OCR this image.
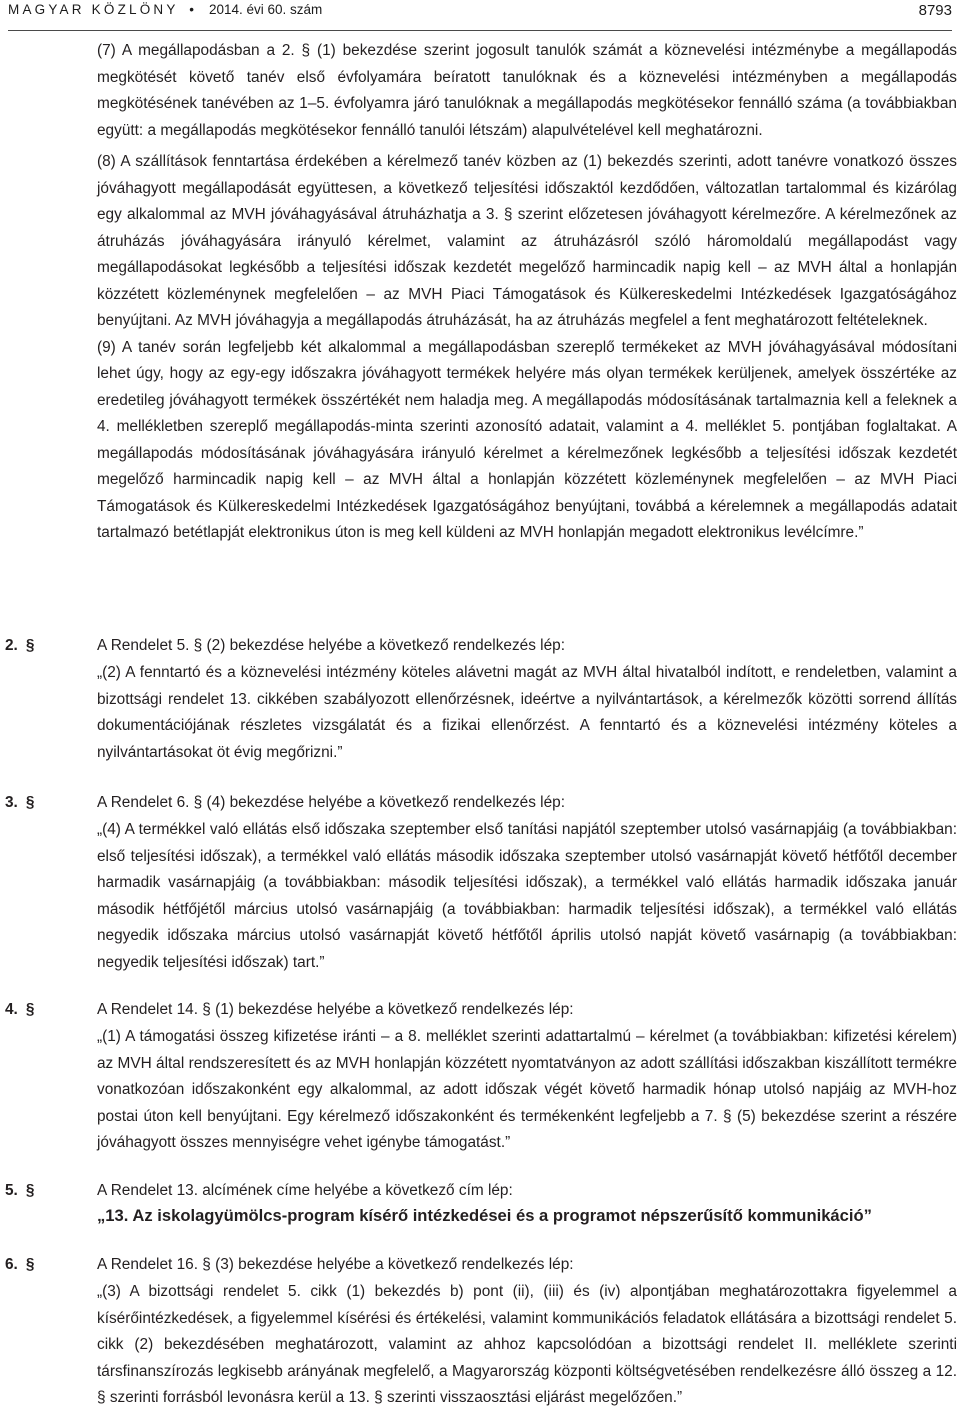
MAGYAR KÖZLÖNY • 2014. évi 60. szám	8793

(7) A megállapodásban a 2. § (1) bekezdése szerint jogosult tanulók számát a köznevelési intézménybe a megállapodás megkötését követő tanév első évfolyamára beíratott tanulóknak és a köznevelési intézményben a megállapodás megkötésének tanévében az 1–5. évfolyamra járó tanulóknak a megállapodás megkötésekor fennálló száma (a továbbiakban együtt: a megállapodás megkötésekor fennálló tanulói létszám) alapulvételével kell meghatározni.

(8) A szállítások fenntartása érdekében a kérelmező tanév közben az (1) bekezdés szerinti, adott tanévre vonatkozó összes jóváhagyott megállapodását együttesen, a következő teljesítési időszaktól kezdődően, változatlan tartalommal és kizárólag egy alkalommal az MVH jóváhagyásával átruházhatja a 3. § szerint előzetesen jóváhagyott kérelmezőre. A kérelmezőnek az átruházás jóváhagyására irányuló kérelmet, valamint az átruházásról szóló háromoldalú megállapodást vagy megállapodásokat legkésőbb a teljesítési időszak kezdetét megelőző harmincadik napig kell – az MVH által a honlapján közzétett közleménynek megfelelően – az MVH Piaci Támogatások és Külkereskedelmi Intézkedések Igazgatóságához benyújtani. Az MVH jóváhagyja a megállapodás átruházását, ha az átruházás megfelel a fent meghatározott feltételeknek.

(9) A tanév során legfeljebb két alkalommal a megállapodásban szereplő termékeket az MVH jóváhagyásával módosítani lehet úgy, hogy az egy-egy időszakra jóváhagyott termékek helyére más olyan termékek kerüljenek, amelyek összértéke az eredetileg jóváhagyott termékek összértékét nem haladja meg. A megállapodás módosításának tartalmaznia kell a feleknek a 4. mellékletben szereplő megállapodás-minta szerinti azonosító adatait, valamint a 4. melléklet 5. pontjában foglaltakat. A megállapodás módosításának jóváhagyására irányuló kérelmet a kérelmezőnek legkésőbb a teljesítési időszak kezdetét megelőző harmincadik napig kell – az MVH által a honlapján közzétett közleménynek megfelelően – az MVH Piaci Támogatások és Külkereskedelmi Intézkedések Igazgatóságához benyújtani, továbbá a kérelemnek a megállapodás adatait tartalmazó betétlapját elektronikus úton is meg kell küldeni az MVH honlapján megadott elektronikus levélcímre.”

2. §	A Rendelet 5. § (2) bekezdése helyébe a következő rendelkezés lép:

„(2) A fenntartó és a köznevelési intézmény köteles alávetni magát az MVH által hivatalból indított, e rendeletben, valamint a bizottsági rendelet 13. cikkében szabályozott ellenőrzésnek, ideértve a nyilvántartások, a kérelmezők közötti sorrend állítás dokumentációjának részletes vizsgálatát és a fizikai ellenőrzést. A fenntartó és a köznevelési intézmény köteles a nyilvántartásokat öt évig megőrizni.”

3. §	A Rendelet 6. § (4) bekezdése helyébe a következő rendelkezés lép:

„(4) A termékkel való ellátás első időszaka szeptember első tanítási napjától szeptember utolsó vasárnapjáig (a továbbiakban: első teljesítési időszak), a termékkel való ellátás második időszaka szeptember utolsó vasárnapját követő hétfőtől december harmadik vasárnapjáig (a továbbiakban: második teljesítési időszak), a termékkel való ellátás harmadik időszaka január második hétfőjétől március utolsó vasárnapjáig (a továbbiakban: harmadik teljesítési időszak), a termékkel való ellátás negyedik időszaka március utolsó vasárnapját követő hétfőtől április utolsó napját követő vasárnapig (a továbbiakban: negyedik teljesítési időszak) tart.”

4. §	A Rendelet 14. § (1) bekezdése helyébe a következő rendelkezés lép:

„(1) A támogatási összeg kifizetése iránti – a 8. melléklet szerinti adattartalmú – kérelmet (a továbbiakban: kifizetési kérelem) az MVH által rendszeresített és az MVH honlapján közzétett nyomtatványon az adott szállítási időszakban kiszállított termékre vonatkozóan időszakonként egy alkalommal, az adott időszak végét követő harmadik hónap utolsó napjáig az MVH-hoz postai úton kell benyújtani. Egy kérelmező időszakonként és termékenként legfeljebb a 7. § (5) bekezdése szerint a részére jóváhagyott összes mennyiségre vehet igénybe támogatást.”

5. §	A Rendelet 13. alcímének címe helyébe a következő cím lép:

„13. Az iskolagyümölcs-program kísérő intézkedései és a programot népszerűsítő kommunikáció”

6. §	A Rendelet 16. § (3) bekezdése helyébe a következő rendelkezés lép:

„(3) A bizottsági rendelet 5. cikk (1) bekezdés b) pont (ii), (iii) és (iv) alpontjában meghatározottakra figyelemmel a kísérőintézkedések, a figyelemmel kísérési és értékelési, valamint kommunikációs feladatok ellátására a bizottsági rendelet 5. cikk (2) bekezdésében meghatározott, valamint az ahhoz kapcsolódóan a bizottsági rendelet II. melléklete szerinti társfinanszírozás legkisebb arányának megfelelő, a Magyarország központi költségvetésében rendelkezésre álló összeg a 12. § szerinti forrásból levonásra kerül a 13. § szerinti visszaosztási eljárást megelőzően.”
